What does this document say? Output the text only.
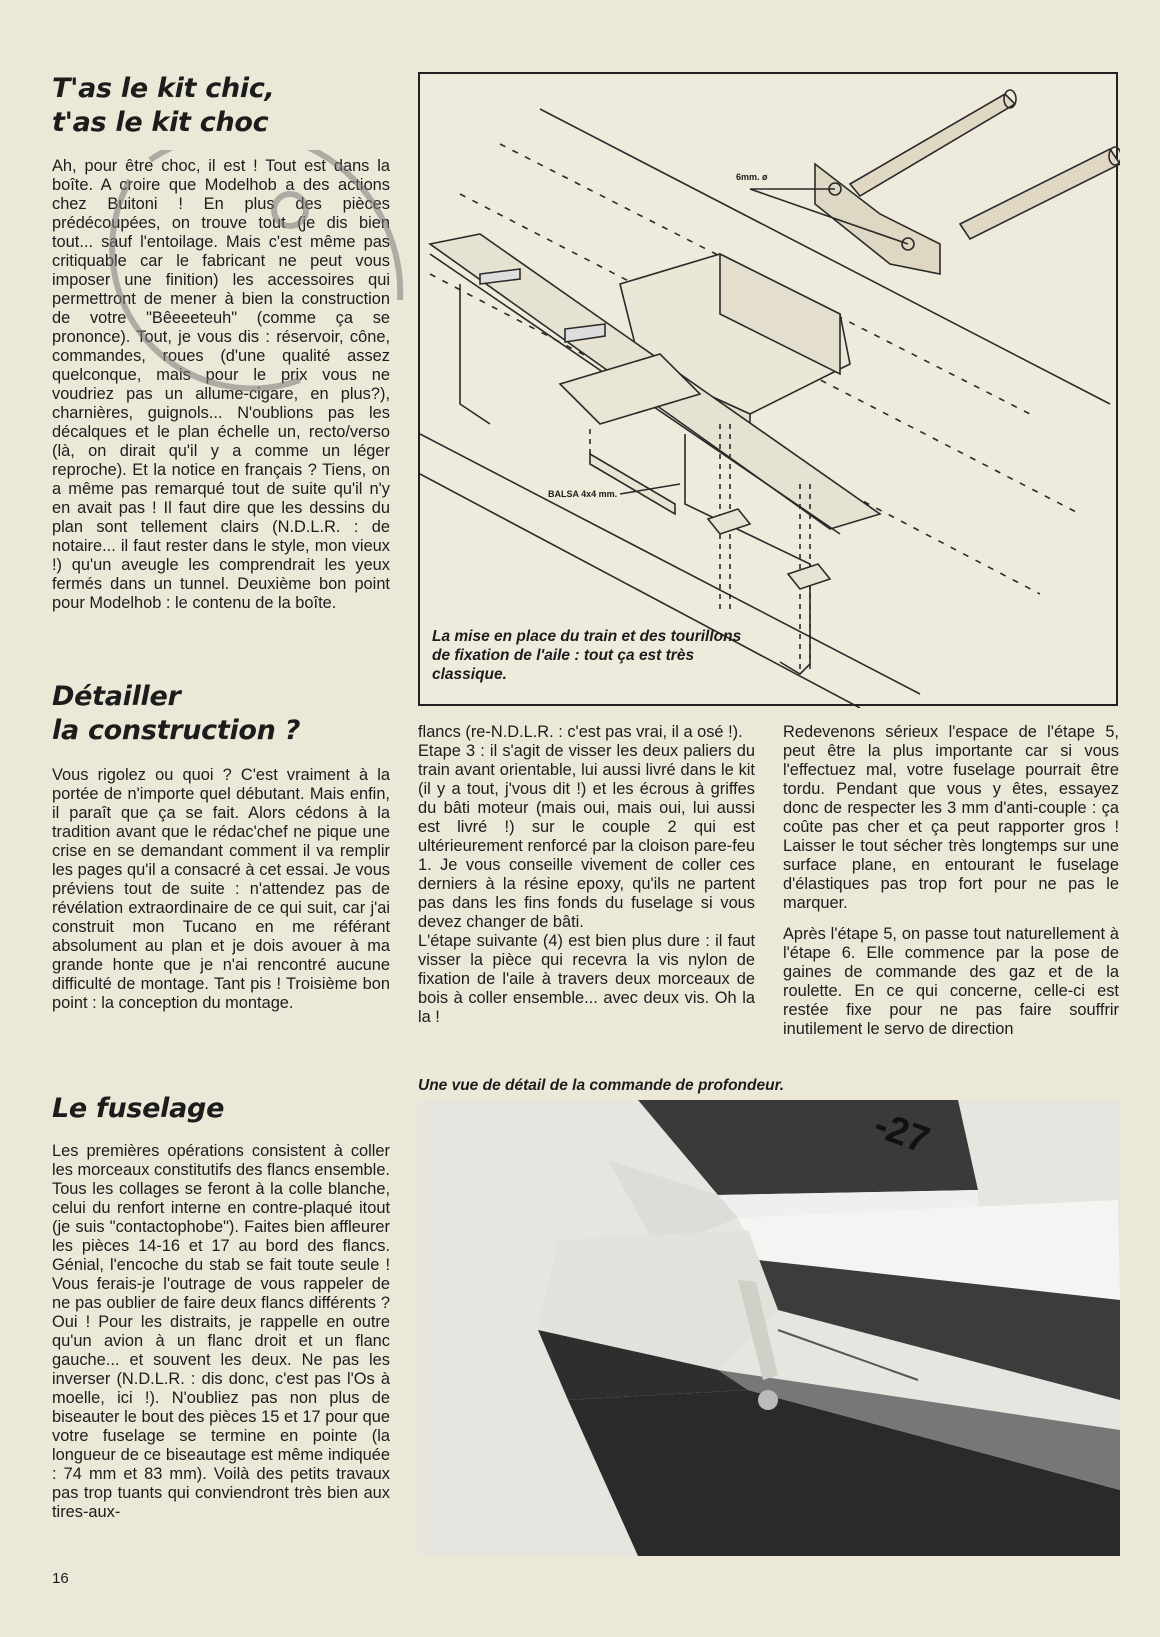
T'as le kit chic,
t'as le kit choc

Ah, pour être choc, il est ! Tout est dans la boîte. A croire que Modelhob a des actions chez Buitoni ! En plus des pièces prédécoupées, on trouve tout (je dis bien tout... sauf l'entoilage. Mais c'est même pas critiquable car le fabricant ne peut vous imposer une finition) les accessoires qui permettront de mener à bien la construction de votre "Bêeeeteuh" (comme ça se prononce). Tout, je vous dis : réservoir, cône, commandes, roues (d'une qualité assez quelconque, mais pour le prix vous ne voudriez pas un allume-cigare, en plus?), charnières, guignols... N'oublions pas les décalques et le plan échelle un, recto/verso (là, on dirait qu'il y a comme un léger reproche). Et la notice en français ? Tiens, on a même pas remarqué tout de suite qu'il n'y en avait pas ! Il faut dire que les dessins du plan sont tellement clairs (N.D.L.R. : de notaire... il faut rester dans le style, mon vieux !) qu'un aveugle les comprendrait les yeux fermés dans un tunnel. Deuxième bon point pour Modelhob : le contenu de la boîte.

Détailler
la construction ?

Vous rigolez ou quoi ? C'est vraiment à la portée de n'importe quel débutant. Mais enfin, il paraît que ça se fait. Alors cédons à la tradition avant que le rédac'chef ne pique une crise en se demandant comment il va remplir les pages qu'il a consacré à cet essai. Je vous préviens tout de suite : n'attendez pas de révélation extraordinaire de ce qui suit, car j'ai construit mon Tucano en me référant absolument au plan et je dois avouer à ma grande honte que je n'ai rencontré aucune difficulté de montage. Tant pis ! Troisième bon point : la conception du montage.

Le fuselage

Les premières opérations consistent à coller les morceaux constitutifs des flancs ensemble. Tous les collages se feront à la colle blanche, celui du renfort interne en contre-plaqué itout (je suis "contactophobe"). Faites bien affleurer les pièces 14-16 et 17 au bord des flancs. Génial, l'encoche du stab se fait toute seule ! Vous ferais-je l'outrage de vous rappeler de ne pas oublier de faire deux flancs différents ? Oui ! Pour les distraits, je rappelle en outre qu'un avion à un flanc droit et un flanc gauche... et souvent les deux. Ne pas les inverser (N.D.L.R. : dis donc, c'est pas l'Os à moelle, ici !). N'oubliez pas non plus de biseauter le bout des pièces 15 et 17 pour que votre fuselage se termine en pointe (la longueur de ce biseautage est même indiquée : 74 mm et 83 mm). Voilà des petits travaux pas trop tuants qui conviendront très bien aux tires-aux-

6mm. ø
BALSA 4x4 mm.
La mise en place du train et des tourillons de fixation de l'aile : tout ça est très classique.

flancs (re-N.D.L.R. : c'est pas vrai, il a osé !).
Etape 3 : il s'agit de visser les deux paliers du train avant orientable, lui aussi livré dans le kit (il y a tout, j'vous dit !) et les écrous à griffes du bâti moteur (mais oui, mais oui, lui aussi est livré !) sur le couple 2 qui est ultérieurement renforcé par la cloison pare-feu 1. Je vous conseille vivement de coller ces derniers à la résine epoxy, qu'ils ne partent pas dans les fins fonds du fuselage si vous devez changer de bâti.
L'étape suivante (4) est bien plus dure : il faut visser la pièce qui recevra la vis nylon de fixation de l'aile à travers deux morceaux de bois à coller ensemble... avec deux vis. Oh la la !

Redevenons sérieux l'espace de l'étape 5, peut être la plus importante car si vous l'effectuez mal, votre fuselage pourrait être tordu. Pendant que vous y êtes, essayez donc de respecter les 3 mm d'anti-couple : ça coûte pas cher et ça peut rapporter gros ! Laisser le tout sécher très longtemps sur une surface plane, en entourant le fuselage d'élastiques pas trop fort pour ne pas le marquer.

Après l'étape 5, on passe tout naturellement à l'étape 6. Elle commence par la pose de gaines de commande des gaz et de la roulette. En ce qui concerne, celle-ci est restée fixe pour ne pas faire souffrir inutilement le servo de direction

Une vue de détail de la commande de profondeur.
-27
16
